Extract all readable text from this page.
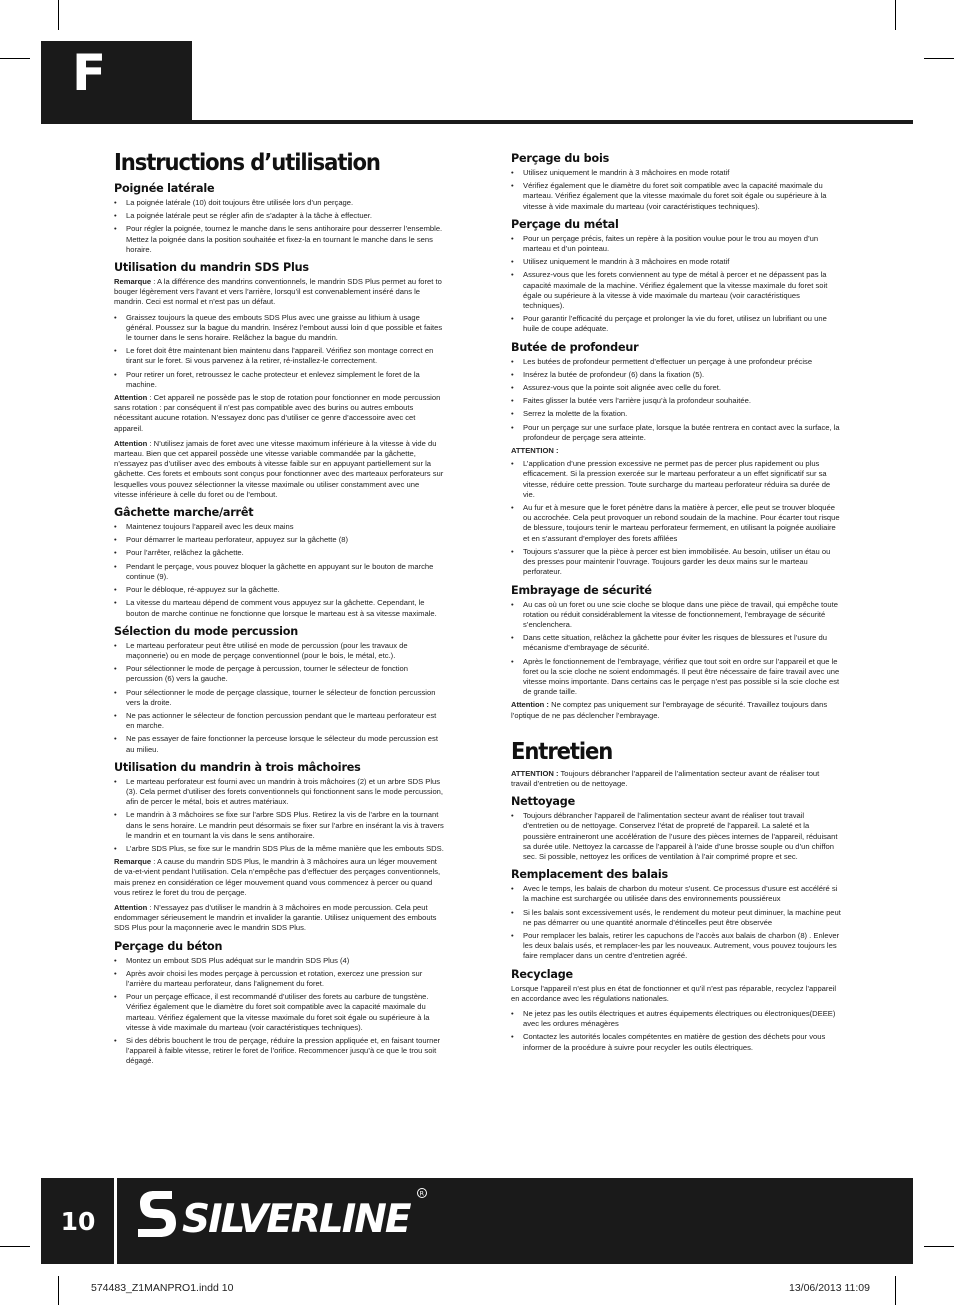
F
Instructions d’utilisation
Poignée latérale
• La poignée latérale (10) doit toujours être utilisée lors d’un perçage.
• La poignée latérale peut se régler afin de s’adapter à la tâche à effectuer.
• Pour régler la poignée, tournez le manche dans le sens antihoraire pour desserrer l’ensemble. Mettez la poignée dans la position souhaitée et fixez-la en tournant le manche dans le sens horaire.
Utilisation du mandrin SDS Plus

Remarque : A la différence des mandrins conventionnels, le mandrin SDS Plus permet au foret to bouger légèrement vers l’avant et vers l’arrière, lorsqu’il est convenablement inséré dans le mandrin. Ceci est normal et n’est pas un défaut.

• Graissez toujours la queue des embouts SDS Plus avec une graisse au lithium à usage général. Poussez sur la bague du mandrin. Insérez l’embout aussi loin d que possible et faites le tourner dans le sens horaire. Relâchez la bague du mandrin.
• Le foret doit être maintenant bien maintenu dans l’appareil. Vérifiez son montage correct en tirant sur le foret. Si vous parvenez à la retirer, ré-installez-le correctement.
• Pour retirer un foret, retroussez le cache protecteur et enlevez simplement le foret de la machine.

Attention : Cet appareil ne possède pas le stop de rotation pour fonctionner en mode percussion sans rotation : par conséquent il n’est pas compatible avec des burins ou autres embouts nécessitant aucune rotation. N’essayez donc pas d’utiliser ce genre d’accessoire avec cet appareil.

Attention : N’utilisez jamais de foret avec une vitesse maximum inférieure à la vitesse à vide du marteau. Bien que cet appareil possède une vitesse variable commandée par la gâchette, n’essayez pas d’utiliser avec des embouts à vitesse faible sur en appuyant partiellement sur la gâchette. Ces forets et embouts sont conçus pour fonctionner avec des marteaux perforateurs sur lesquelles vous pouvez sélectionner la vitesse maximale ou utiliser constamment avec une vitesse inférieure à celle du foret ou de l’embout.

Gâchette marche/arrêt
• Maintenez toujours l’appareil avec les deux mains
• Pour démarrer le marteau perforateur, appuyez sur la gâchette (8)
• Pour l’arrêter, relâchez la gâchette.
• Pendant le perçage, vous pouvez bloquer la gâchette en appuyant sur le bouton de marche continue (9).
• Pour le débloque, ré-appuyez sur la gâchette.
• La vitesse du marteau dépend de comment vous appuyez sur la gâchette. Cependant, le bouton de marche continue ne fonctionne que lorsque le marteau est à sa vitesse maximale.
Sélection du mode percussion
• Le marteau perforateur peut être utilisé en mode de percussion (pour les travaux de maçonnerie) ou en mode de perçage conventionnel (pour le bois, le métal, etc.).
• Pour sélectionner le mode de perçage à percussion, tourner le sélecteur de fonction percussion (6) vers la gauche.
• Pour sélectionner le mode de perçage classique, tourner le sélecteur de fonction percussion vers la droite.
• Ne pas actionner le sélecteur de fonction percussion pendant que le marteau perforateur est en marche.
• Ne pas essayer de faire fonctionner la perceuse lorsque le sélecteur du mode percussion est au milieu.
Utilisation du mandrin à trois mâchoires
• Le marteau perforateur est fourni avec un mandrin à trois mâchoires (2) et un arbre SDS Plus (3). Cela permet d’utiliser des forets conventionnels qui fonctionnent sans le mode percussion, afin de percer le métal, bois et autres matériaux.
• Le mandrin à 3 mâchoires se fixe sur l’arbre SDS Plus. Retirez la vis de l’arbre en la tournant dans le sens horaire. Le mandrin peut désormais se fixer sur l’arbre en insérant la vis à travers le mandrin et en tournant la vis dans le sens antihoraire.
• L’arbre SDS Plus, se fixe sur le mandrin SDS Plus de la même manière que les embouts SDS.

Remarque : A cause du mandrin SDS Plus, le mandrin à 3 mâchoires aura un léger mouvement de va-et-vient pendant l’utilisation. Cela n’empêche pas d’effectuer des perçages conventionnels, mais prenez en considération ce léger mouvement quand vous commencez à percer ou quand vous retirez le foret du trou de perçage.

Attention : N’essayez pas d’utiliser le mandrin à 3 mâchoires en mode percussion. Cela peut endommager sérieusement le mandrin et invalider la garantie. Utilisez uniquement des embouts SDS Plus pour la maçonnerie avec le mandrin SDS Plus.

Perçage du béton
• Montez un embout SDS Plus adéquat sur le mandrin SDS Plus (4)
• Après avoir choisi les modes perçage à percussion et rotation, exercez une pression sur l’arrière du marteau perforateur, dans l’alignement du foret.
• Pour un perçage efficace, il est recommandé d’utiliser des forets au carbure de tungstène. Vérifiez également que le diamètre du foret soit compatible avec la capacité maximale du marteau. Vérifiez également que la vitesse maximale du foret soit égale ou supérieure à la vitesse à vide maximale du marteau (voir caractéristiques techniques).
• Si des débris bouchent le trou de perçage, réduire la pression appliquée et, en faisant tourner l’appareil à faible vitesse, retirer le foret de l’orifice. Recommencer jusqu’à ce que le trou soit dégagé.
Perçage du bois
• Utilisez uniquement le mandrin à 3 mâchoires en mode rotatif
• Vérifiez également que le diamètre du foret soit compatible avec la capacité maximale du marteau. Vérifiez également que la vitesse maximale du foret soit égale ou supérieure à la vitesse à vide maximale du marteau (voir caractéristiques techniques).
Perçage du métal
• Pour un perçage précis, faites un repère à la position voulue pour le trou au moyen d’un marteau et d’un pointeau.
• Utilisez uniquement le mandrin à 3 mâchoires en mode rotatif
• Assurez-vous que les forets conviennent au type de métal à percer et ne dépassent pas la capacité maximale de la machine. Vérifiez également que la vitesse maximale du foret soit égale ou supérieure à la vitesse à vide maximale du marteau (voir caractéristiques techniques).
• Pour garantir l’efficacité du perçage et prolonger la vie du foret, utilisez un lubrifiant ou une huile de coupe adéquate.
Butée de profondeur
• Les butées de profondeur permettent d’effectuer un perçage à une profondeur précise
• Insérez la butée de profondeur (6) dans la fixation (5).
• Assurez-vous que la pointe soit alignée avec celle du foret.
• Faites glisser la butée vers l’arrière jusqu’à la profondeur souhaitée.
• Serrez la molette de la fixation.
• Pour un perçage sur une surface plate, lorsque la butée rentrera en contact avec la surface, la profondeur de perçage sera atteinte.

ATTENTION :

• L’application d’une pression excessive ne permet pas de percer plus rapidement ou plus efficacement. Si la pression exercée sur le marteau perforateur a un effet significatif sur sa vitesse, réduire cette pression. Toute surcharge du marteau perforateur réduira sa durée de vie.
• Au fur et à mesure que le foret pénètre dans la matière à percer, elle peut se trouver bloquée ou accrochée. Cela peut provoquer un rebond soudain de la machine. Pour écarter tout risque de blessure, toujours tenir le marteau perforateur fermement, en utilisant la poignée auxiliaire et en s’assurant d’employer des forets affilées
• Toujours s’assurer que la pièce à percer est bien immobilisée. Au besoin, utiliser un étau ou des presses pour maintenir l’ouvrage. Toujours garder les deux mains sur le marteau perforateur.
Embrayage de sécurité
• Au cas où un foret ou une scie cloche se bloque dans une pièce de travail, qui empêche toute rotation ou réduit considérablement la vitesse de fonctionnement, l’embrayage de sécurité s’enclenchera.
• Dans cette situation, relâchez la gâchette pour éviter les risques de blessures et l’usure du mécanisme d’embrayage de sécurité.
• Après le fonctionnement de l’embrayage, vérifiez que tout soit en ordre sur l’appareil et que le foret ou la scie cloche ne soient endommagés. Il peut être nécessaire de faire travail avec une vitesse moins importante. Dans certains cas le perçage n’est pas possible si la scie cloche est de grande taille.

Attention : Ne comptez pas uniquement sur l’embrayage de sécurité. Travaillez toujours dans l’optique de ne pas déclencher l’embrayage.

Entretien

ATTENTION : Toujours débrancher l’appareil de l’alimentation secteur avant de réaliser tout travail d’entretien ou de nettoyage.

Nettoyage
• Toujours débrancher l’appareil de l’alimentation secteur avant de réaliser tout travail d’entretien ou de nettoyage. Conservez l’état de propreté de l’appareil. La saleté et la poussière entraineront une accélération de l’usure des pièces internes de l’appareil, réduisant sa durée utile. Nettoyez la carcasse de l’appareil à l’aide d’une brosse souple ou d’un chiffon sec. Si possible, nettoyez les orifices de ventilation à l’air comprimé propre et sec.
Remplacement des balais
• Avec le temps, les balais de charbon du moteur s’usent. Ce processus d’usure est accéléré si la machine est surchargée ou utilisée dans des environnements poussiéreux
• Si les balais sont excessivement usés, le rendement du moteur peut diminuer, la machine peut ne pas démarrer ou une quantité anormale d’étincelles peut être observée
• Pour remplacer les balais, retirer les capuchons de l’accès aux balais de charbon (8) . Enlever les deux balais usés, et remplacer-les par les nouveaux. Autrement, vous pouvez toujours les faire remplacer dans un centre d’entretien agréé.
Recyclage

Lorsque l’appareil n’est plus en état de fonctionner et qu’il n’est pas réparable, recyclez l’appareil en accordance avec les régulations nationales.

• Ne jetez pas les outils électriques et autres équipements électriques ou électroniques(DEEE) avec les ordures ménagères
• Contactez les autorités locales compétentes en matière de gestion des déchets pour vous informer de la procédure à suivre pour recycler les outils électriques.
10	SILVERLINE
R
574483_Z1MANPRO1.indd 10	13/06/2013 11:09
